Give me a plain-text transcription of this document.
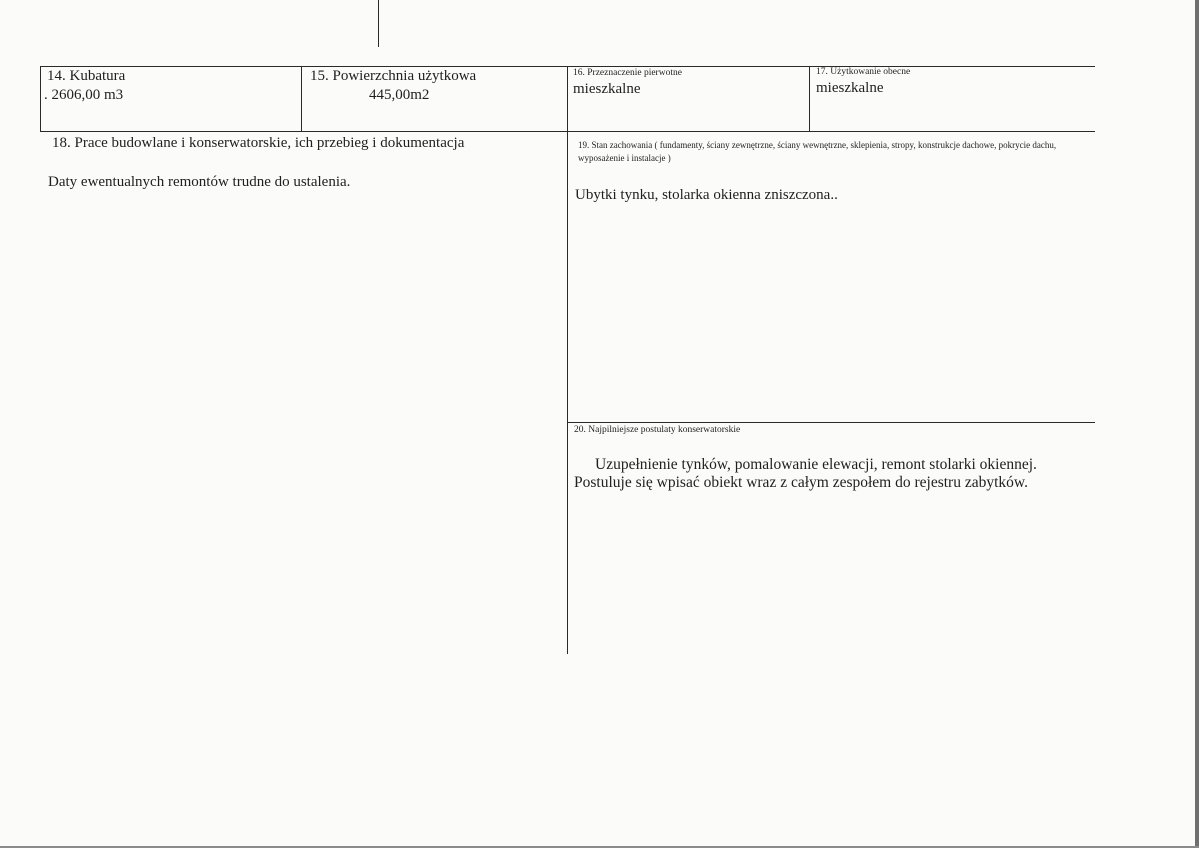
14. Kubatura
. 2606,00 m3
15. Powierzchnia użytkowa
445,00m2
16. Przeznaczenie pierwotne
mieszkalne
17. Użytkowanie obecne
mieszkalne
18. Prace budowlane i konserwatorskie, ich przebieg i dokumentacja
Daty ewentualnych remontów trudne do ustalenia.
19. Stan zachowania ( fundamenty, ściany zewnętrzne, ściany wewnętrzne, sklepienia, stropy, konstrukcje dachowe, pokrycie dachu, wyposażenie i instalacje )
Ubytki tynku, stolarka okienna zniszczona..
20. Najpilniejsze postulaty konserwatorskie
Uzupełnienie tynków, pomalowanie elewacji, remont stolarki okiennej.
Postuluje się wpisać obiekt wraz z całym zespołem do rejestru zabytków.
